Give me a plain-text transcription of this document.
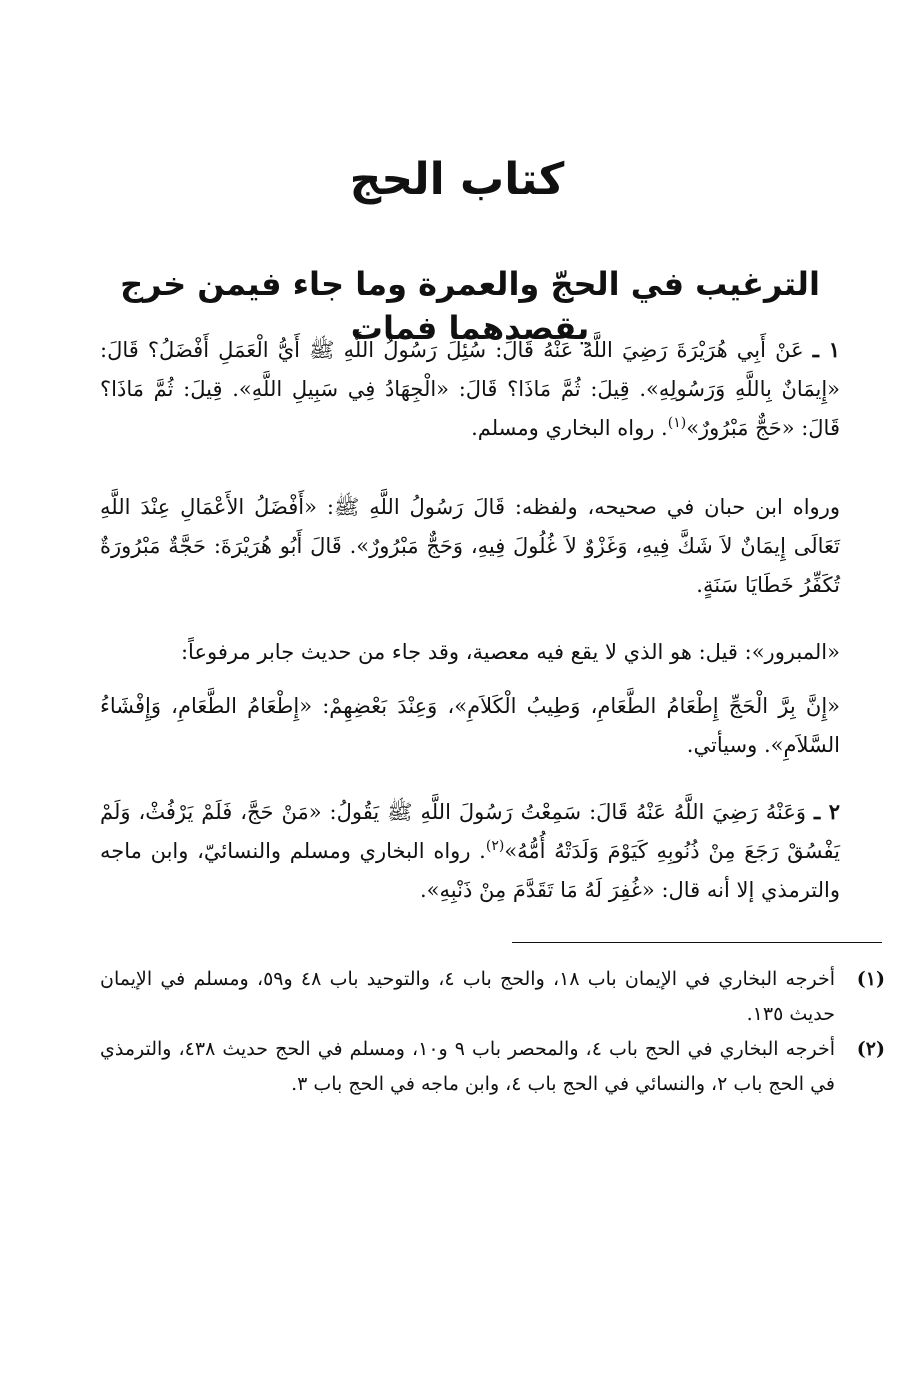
كتاب الحج
الترغيب في الحجّ والعمرة وما جاء فيمن خرج يقصدهما فمات
١ ـ عَنْ أَبِي هُرَيْرَةَ رَضِيَ اللَّهُ عَنْهُ قَالَ: سُئِلَ رَسُولُ اللَّهِ ﷺ أَيُّ الْعَمَلِ أَفْضَلُ؟ قَالَ: «إِيمَانٌ بِاللَّهِ وَرَسُولِهِ». قِيلَ: ثُمَّ مَاذَا؟ قَالَ: «الْجِهَادُ فِي سَبِيلِ اللَّهِ». قِيلَ: ثُمَّ مَاذَا؟ قَالَ: «حَجٌّ مَبْرُورٌ»$^{(١)}$. رواه البخاري ومسلم.
ورواه ابن حبان في صحيحه، ولفظه: قَالَ رَسُولُ اللَّهِ ﷺ: «أَفْضَلُ الأَعْمَالِ عِنْدَ اللَّهِ تَعَالَى إِيمَانٌ لاَ شَكَّ فِيهِ، وَغَزْوٌ لاَ غُلُولَ فِيهِ، وَحَجٌّ مَبْرُورٌ». قَالَ أَبُو هُرَيْرَةَ: حَجَّةٌ مَبْرُورَةٌ تُكَفِّرُ خَطَايَا سَنَةٍ.
«المبرور»: قيل: هو الذي لا يقع فيه معصية، وقد جاء من حديث جابر مرفوعاً:
«إِنَّ بِرَّ الْحَجِّ إِطْعَامُ الطَّعَامِ، وَطِيبُ الْكَلاَمِ»، وَعِنْدَ بَعْضِهِمْ: «إِطْعَامُ الطَّعَامِ، وَإِفْشَاءُ السَّلاَمِ». وسيأتي.
٢ ـ وَعَنْهُ رَضِيَ اللَّهُ عَنْهُ قَالَ: سَمِعْتُ رَسُولَ اللَّهِ ﷺ يَقُولُ: «مَنْ حَجَّ، فَلَمْ يَرْفُثْ، وَلَمْ يَفْسُقْ رَجَعَ مِنْ ذُنُوبِهِ كَيَوْمَ وَلَدَتْهُ أُمُّهُ»$^{(٢)}$. رواه البخاري ومسلم والنسائيّ، وابن ماجه والترمذي إلا أنه قال: «غُفِرَ لَهُ مَا تَقَدَّمَ مِنْ ذَنْبِهِ».
(١)
أخرجه البخاري في الإيمان باب ١٨، والحج باب ٤، والتوحيد باب ٤٨ و٥٩، ومسلم في الإيمان حديث ١٣٥.
(٢)
أخرجه البخاري في الحج باب ٤، والمحصر باب ٩ و١٠، ومسلم في الحج حديث ٤٣٨، والترمذي في الحج باب ٢، والنسائي في الحج باب ٤، وابن ماجه في الحج باب ٣.
